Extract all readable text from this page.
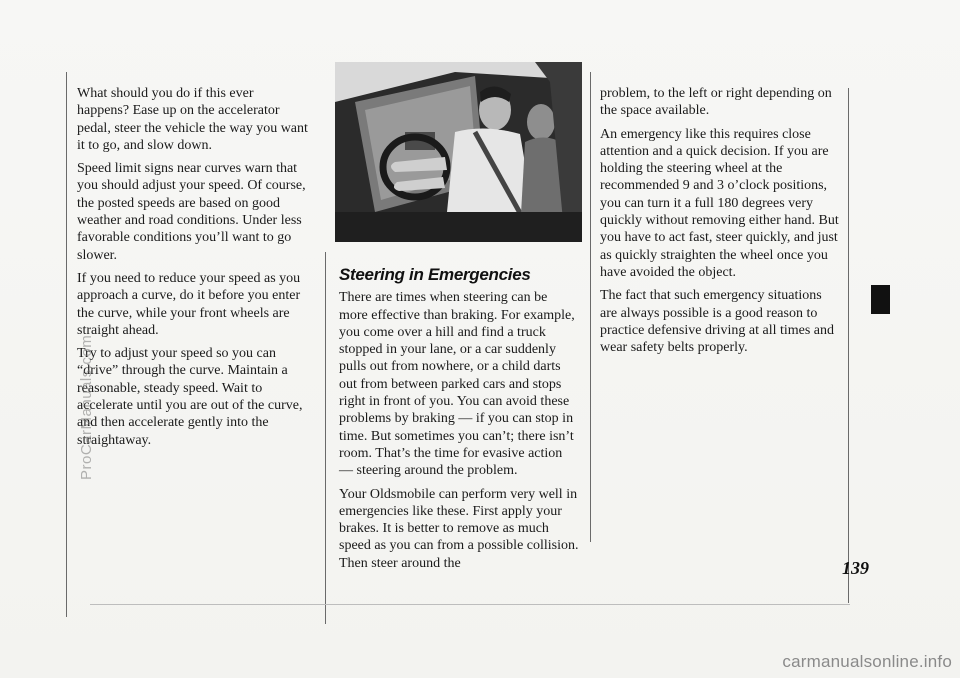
What should you do if this ever happens? Ease up on the accelerator pedal, steer the vehicle the way you want it to go, and slow down.

Speed limit signs near curves warn that you should adjust your speed. Of course, the posted speeds are based on good weather and road conditions. Under less favorable conditions you’ll want to go slower.

If you need to reduce your speed as you approach a curve, do it before you enter the curve, while your front wheels are straight ahead.

Try to adjust your speed so you can “drive” through the curve. Maintain a reasonable, steady speed. Wait to accelerate until you are out of the curve, and then accelerate gently into the straightaway.

Steering in Emergencies

There are times when steering can be more effective than braking. For example, you come over a hill and find a truck stopped in your lane, or a car suddenly pulls out from nowhere, or a child darts out from between parked cars and stops right in front of you. You can avoid these problems by braking — if you can stop in time. But sometimes you can’t; there isn’t room. That’s the time for evasive action — steering around the problem.

Your Oldsmobile can perform very well in emergencies like these. First apply your brakes. It is better to remove as much speed as you can from a possible collision. Then steer around the

problem, to the left or right depending on the space available.

An emergency like this requires close attention and a quick decision. If you are holding the steering wheel at the recommended 9 and 3 o’clock positions, you can turn it a full 180 degrees very quickly without removing either hand. But you have to act fast, steer quickly, and just as quickly straighten the wheel once you have avoided the object.

The fact that such emergency situations are always possible is a good reason to practice defensive driving at all times and wear safety belts properly.

139
ProCarManuals.com
carmanualsonline.info
